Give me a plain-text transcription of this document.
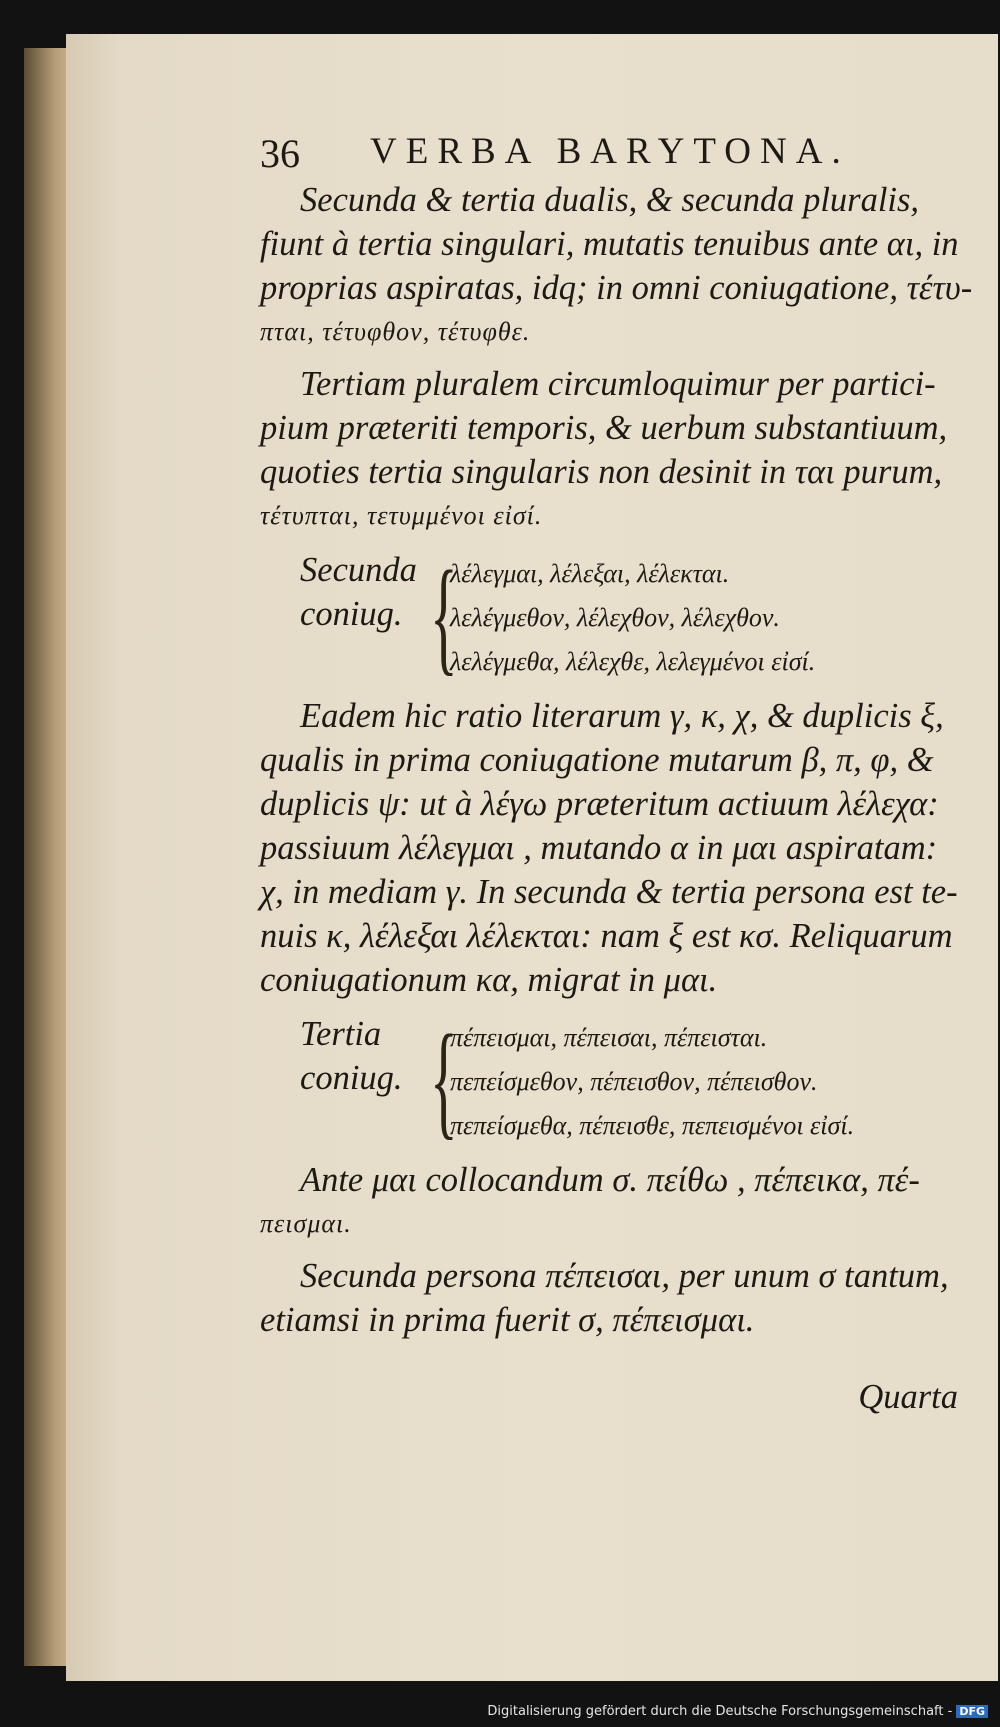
36 VERBA BARYTONA.
Secunda & tertia dualis, & secunda pluralis,
fiunt à tertia singulari, mutatis tenuibus ante αι, in
proprias aspiratas, idq; in omni coniugatione, τέτυ-
πται, τέτυφθον, τέτυφθε.
Tertiam pluralem circumloquimur per partici-
pium præteriti temporis, & uerbum substantiuum,
quoties tertia singularis non desinit in ται purum,
τέτυπται, τετυμμένοι εἰσί.
Secunda
coniug. {
λέλεγμαι, λέλεξαι, λέλεκται.
λελέγμεθον, λέλεχθον, λέλεχθον.
λελέγμεθα, λέλεχθε, λελεγμένοι εἰσί.
Eadem hic ratio literarum γ, κ, χ, & duplicis ξ,
qualis in prima coniugatione mutarum β, π, φ, &
duplicis ψ: ut à λέγω præteritum actiuum λέλεχα:
passiuum λέλεγμαι , mutando α in μαι aspiratam:
χ, in mediam γ. In secunda & tertia persona est te-
nuis κ, λέλεξαι λέλεκται: nam ξ est κσ. Reliquarum
coniugationum κα, migrat in μαι.
Tertia
coniug. {
πέπεισμαι, πέπεισαι, πέπεισται.
πεπείσμεθον, πέπεισθον, πέπεισθον.
πεπείσμεθα, πέπεισθε, πεπεισμένοι εἰσί.
Ante μαι collocandum σ. πείθω , πέπεικα, πέ-
πεισμαι.
Secunda persona πέπεισαι, per unum σ tantum,
etiamsi in prima fuerit σ, πέπεισμαι.
Quarta
Digitalisierung gefördert durch die Deutsche Forschungsgemeinschaft - DFG
